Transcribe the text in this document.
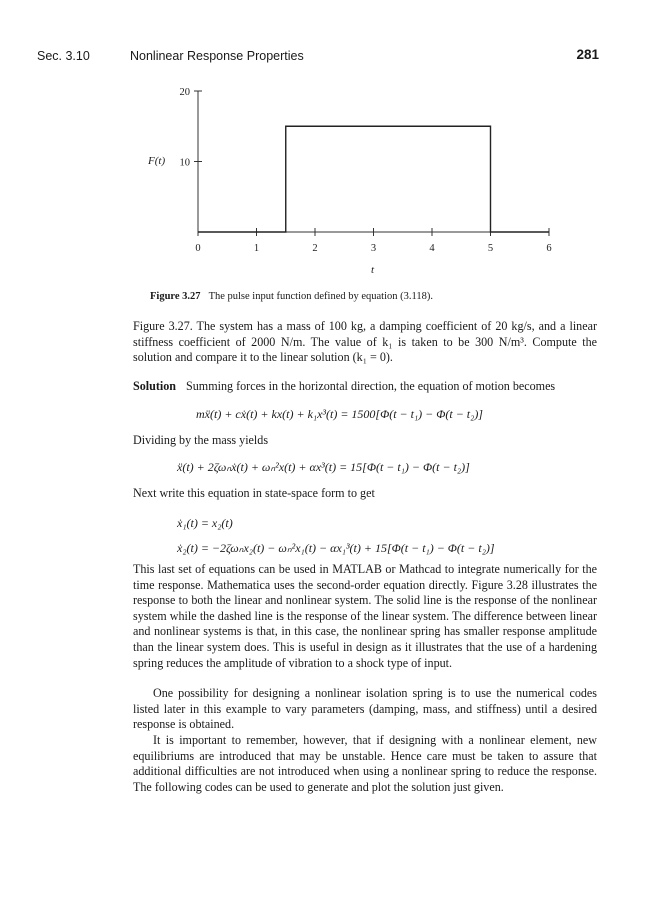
Sec. 3.10	Nonlinear Response Properties	281
0	1	2	3	4	5	6
10
20
F(t)
t
Figure 3.27 The pulse input function defined by equation (3.118).

Figure 3.27. The system has a mass of 100 kg, a damping coefficient of 20 kg/s, and a linear stiffness coefficient of 2000 N/m. The value of k₁ is taken to be 300 N/m³. Compute the solution and compare it to the linear solution (k₁ = 0).

Solution Summing forces in the horizontal direction, the equation of motion becomes

mẍ(t) + cẋ(t) + kx(t) + k₁x³(t) = 1500[Φ(t − t₁) − Φ(t − t₂)]

Dividing by the mass yields

ẍ(t) + 2ζωₙẋ(t) + ωₙ²x(t) + αx³(t) = 15[Φ(t − t₁) − Φ(t − t₂)]

Next write this equation in state-space form to get

ẋ₁(t) = x₂(t)
ẋ₂(t) = −2ζωₙx₂(t) − ωₙ²x₁(t) − αx₁³(t) + 15[Φ(t − t₁) − Φ(t − t₂)]

This last set of equations can be used in MATLAB or Mathcad to integrate numerically for the time response. Mathematica uses the second-order equation directly. Figure 3.28 illustrates the response to both the linear and nonlinear system. The solid line is the response of the nonlinear system while the dashed line is the response of the linear system. The difference between linear and nonlinear systems is that, in this case, the nonlinear spring has smaller response amplitude than the linear system does. This is useful in design as it illustrates that the use of a hardening spring reduces the amplitude of vibration to a shock type of input.

One possibility for designing a nonlinear isolation spring is to use the numerical codes listed later in this example to vary parameters (damping, mass, and stiffness) until a desired response is obtained.

It is important to remember, however, that if designing with a nonlinear element, new equilibriums are introduced that may be unstable. Hence care must be taken to assure that additional difficulties are not introduced when using a nonlinear spring to reduce the response. The following codes can be used to generate and plot the solution just given.
